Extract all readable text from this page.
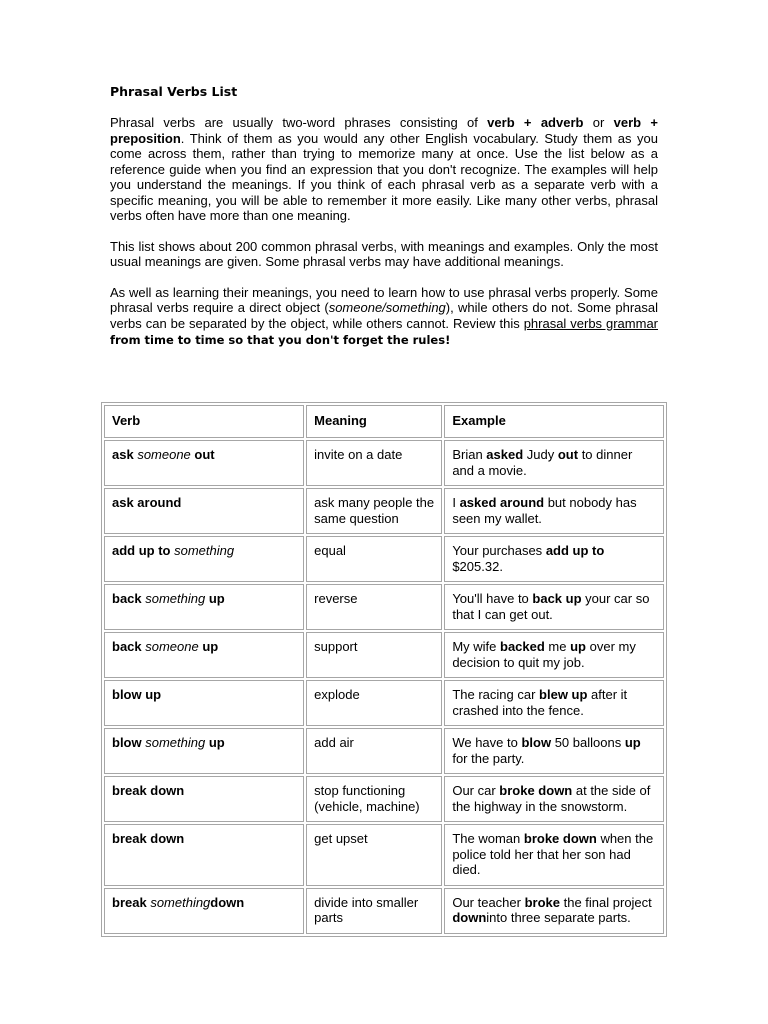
Phrasal Verbs List

Phrasal verbs are usually two-word phrases consisting of verb + adverb or verb + preposition. Think of them as you would any other English vocabulary. Study them as you come across them, rather than trying to memorize many at once. Use the list below as a reference guide when you find an expression that you don't recognize. The examples will help you understand the meanings. If you think of each phrasal verb as a separate verb with a specific meaning, you will be able to remember it more easily. Like many other verbs, phrasal verbs often have more than one meaning.

This list shows about 200 common phrasal verbs, with meanings and examples. Only the most usual meanings are given. Some phrasal verbs may have additional meanings.

As well as learning their meanings, you need to learn how to use phrasal verbs properly. Some phrasal verbs require a direct object (someone/something), while others do not. Some phrasal verbs can be separated by the object, while others cannot. Review this phrasal verbs grammar from time to time so that you don't forget the rules!

Verb	Meaning	Example
ask someone out	invite on a date	Brian asked Judy out to dinner and a movie.
ask around	ask many people the same question	I asked around but nobody has seen my wallet.
add up to something	equal	Your purchases add up to $205.32.
back something up	reverse	You'll have to back up your car so that I can get out.
back someone up	support	My wife backed me up over my decision to quit my job.
blow up	explode	The racing car blew up after it crashed into the fence.
blow something up	add air	We have to blow 50 balloons up for the party.
break down	stop functioning (vehicle, machine)	Our car broke down at the side of the highway in the snowstorm.
break down	get upset	The woman broke down when the police told her that her son had died.
break somethingdown	divide into smaller parts	Our teacher broke the final project downinto three separate parts.
